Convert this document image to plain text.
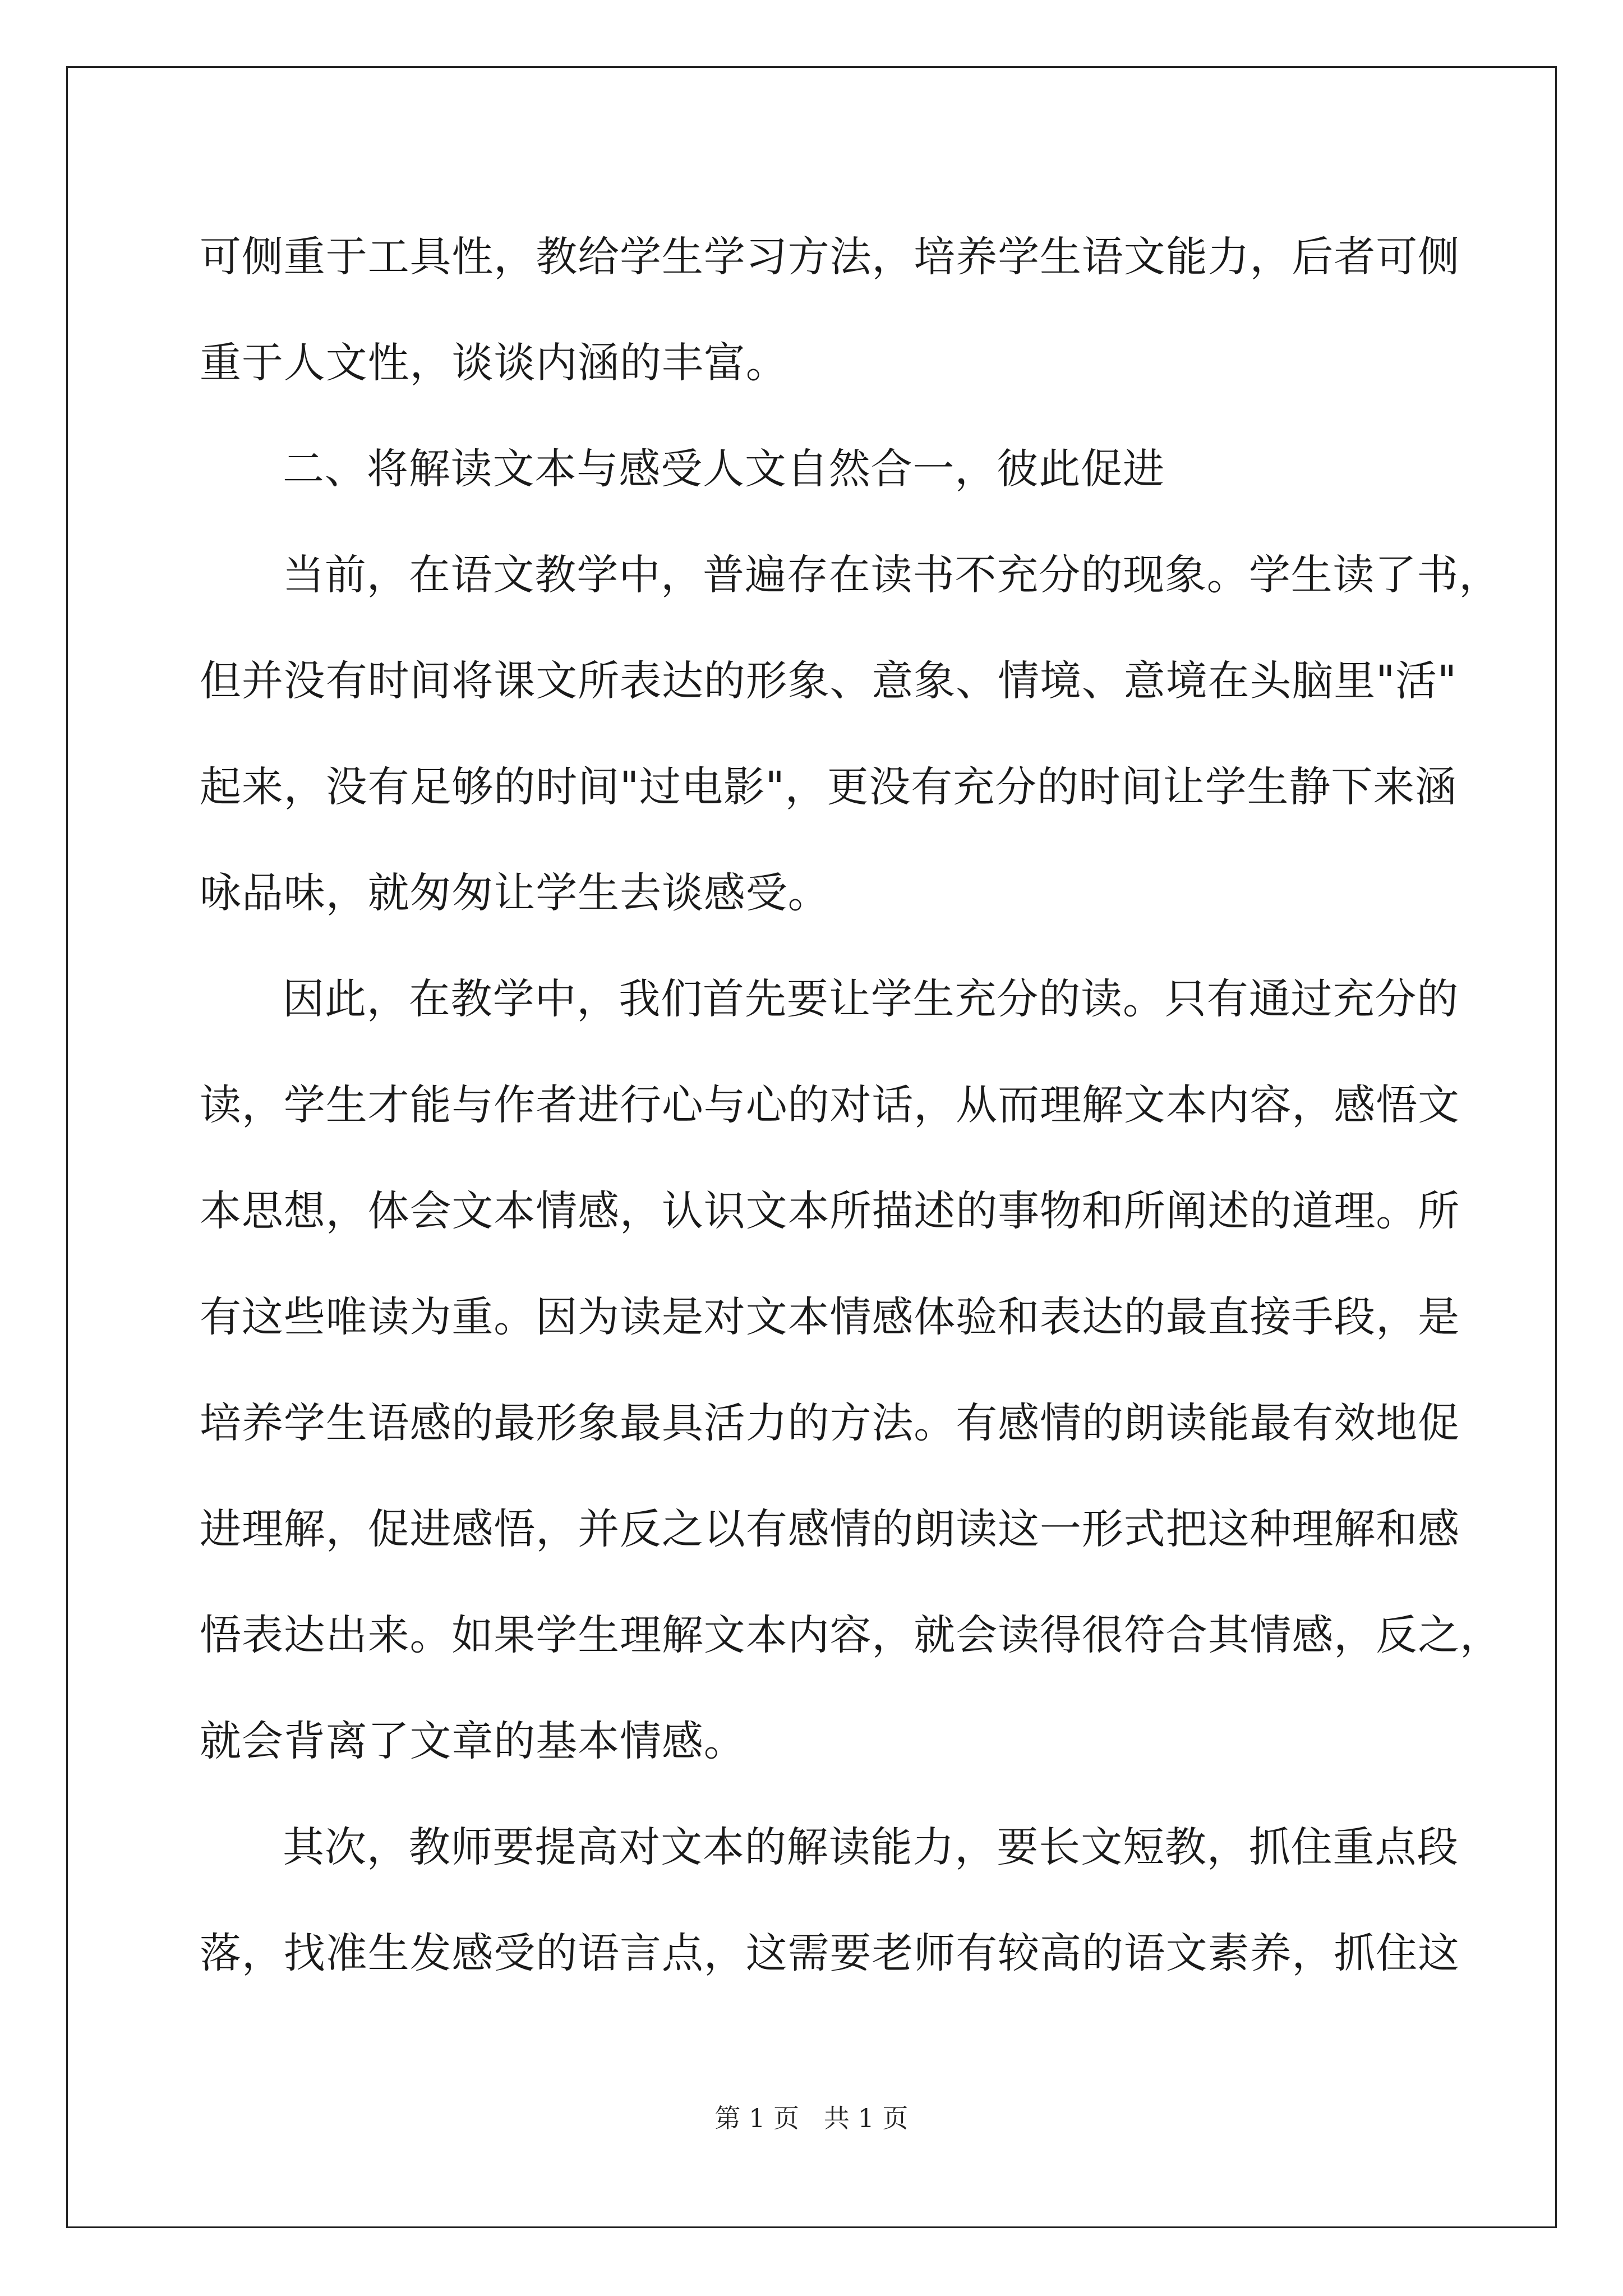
可侧重于工具性，教给学生学习方法，培养学生语文能力，后者可侧
重于人文性，谈谈内涵的丰富。
二、将解读文本与感受人文自然合一，彼此促进
当前，在语文教学中，普遍存在读书不充分的现象。学生读了书，
但并没有时间将课文所表达的形象、意象、情境、意境在头脑里"活"
起来，没有足够的时间"过电影"，更没有充分的时间让学生静下来涵
咏品味，就匆匆让学生去谈感受。
因此，在教学中，我们首先要让学生充分的读。只有通过充分的
读，学生才能与作者进行心与心的对话，从而理解文本内容，感悟文
本思想，体会文本情感，认识文本所描述的事物和所阐述的道理。所
有这些唯读为重。因为读是对文本情感体验和表达的最直接手段，是
培养学生语感的最形象最具活力的方法。有感情的朗读能最有效地促
进理解，促进感悟，并反之以有感情的朗读这一形式把这种理解和感
悟表达出来。如果学生理解文本内容，就会读得很符合其情感，反之，
就会背离了文章的基本情感。
其次，教师要提高对文本的解读能力，要长文短教，抓住重点段
落，找准生发感受的语言点，这需要老师有较高的语文素养，抓住这
第 1 页   共 1 页
